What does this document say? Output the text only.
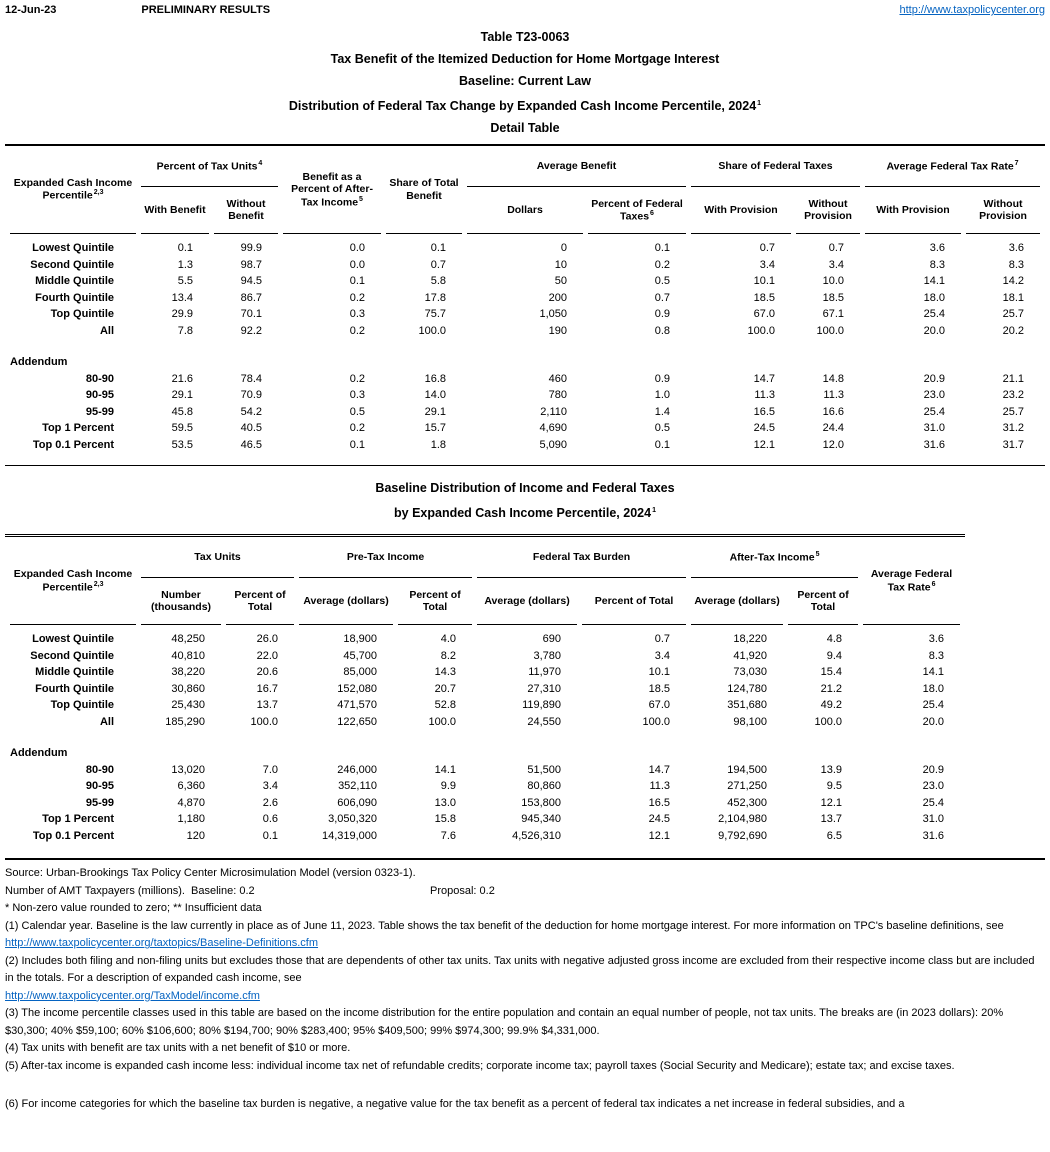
12-Jun-23	PRELIMINARY RESULTS	http://www.taxpolicycenter.org
Table T23-0063
Tax Benefit of the Itemized Deduction for Home Mortgage Interest
Baseline: Current Law
Distribution of Federal Tax Change by Expanded Cash Income Percentile, 2024$^1$
Detail Table
Expanded Cash Income Percentile$^{2,3}$	Percent of Tax Units$^4$		Benefit as a Percent of After-Tax Income$^5$	Share of Total Benefit	Average Benefit		Share of Federal Taxes		Average Federal Tax Rate$^7$
	With Benefit	Without Benefit			Dollars	Percent of Federal Taxes$^6$	With Provision	Without Provision	With Provision	Without Provision
Lowest Quintile	0.1	99.9	0.0	0.1	0	0.1	0.7	0.7	3.6	3.6
Second Quintile	1.3	98.7	0.0	0.7	10	0.2	3.4	3.4	8.3	8.3
Middle Quintile	5.5	94.5	0.1	5.8	50	0.5	10.1	10.0	14.1	14.2
Fourth Quintile	13.4	86.7	0.2	17.8	200	0.7	18.5	18.5	18.0	18.1
Top Quintile	29.9	70.1	0.3	75.7	1,050	0.9	67.0	67.1	25.4	25.7
All	7.8	92.2	0.2	100.0	190	0.8	100.0	100.0	20.0	20.2
Addendum										
80-90	21.6	78.4	0.2	16.8	460	0.9	14.7	14.8	20.9	21.1
90-95	29.1	70.9	0.3	14.0	780	1.0	11.3	11.3	23.0	23.2
95-99	45.8	54.2	0.5	29.1	2,110	1.4	16.5	16.6	25.4	25.7
Top 1 Percent	59.5	40.5	0.2	15.7	4,690	0.5	24.5	24.4	31.0	31.2
Top 0.1 Percent	53.5	46.5	0.1	1.8	5,090	0.1	12.1	12.0	31.6	31.7
Baseline Distribution of Income and Federal Taxes
by Expanded Cash Income Percentile, 2024$^1$
Expanded Cash Income Percentile$^{2,3}$	Tax Units		Pre-Tax Income		Federal Tax Burden		After-Tax Income$^5$		Average Federal Tax Rate$^6$
	Number (thousands)	Percent of Total	Average (dollars)	Percent of Total	Average (dollars)	Percent of Total	Average (dollars)	Percent of Total	
Lowest Quintile	48,250	26.0	18,900	4.0	690	0.7	18,220	4.8	3.6
Second Quintile	40,810	22.0	45,700	8.2	3,780	3.4	41,920	9.4	8.3
Middle Quintile	38,220	20.6	85,000	14.3	11,970	10.1	73,030	15.4	14.1
Fourth Quintile	30,860	16.7	152,080	20.7	27,310	18.5	124,780	21.2	18.0
Top Quintile	25,430	13.7	471,570	52.8	119,890	67.0	351,680	49.2	25.4
All	185,290	100.0	122,650	100.0	24,550	100.0	98,100	100.0	20.0
Addendum									
80-90	13,020	7.0	246,000	14.1	51,500	14.7	194,500	13.9	20.9
90-95	6,360	3.4	352,110	9.9	80,860	11.3	271,250	9.5	23.0
95-99	4,870	2.6	606,090	13.0	153,800	16.5	452,300	12.1	25.4
Top 1 Percent	1,180	0.6	3,050,320	15.8	945,340	24.5	2,104,980	13.7	31.0
Top 0.1 Percent	120	0.1	14,319,000	7.6	4,526,310	12.1	9,792,690	6.5	31.6
Source: Urban-Brookings Tax Policy Center Microsimulation Model (version 0323-1).
Number of AMT Taxpayers (millions).  Baseline: 0.2	Proposal: 0.2
* Non-zero value rounded to zero; ** Insufficient data
(1) Calendar year. Baseline is the law currently in place as of June 11, 2023. Table shows the tax benefit of the deduction for home mortgage interest. For more information on TPC's baseline definitions, see
http://www.taxpolicycenter.org/taxtopics/Baseline-Definitions.cfm
(2) Includes both filing and non-filing units but excludes those that are dependents of other tax units. Tax units with negative adjusted gross income are excluded from their respective income class but are included in the totals. For a description of expanded cash income, see
http://www.taxpolicycenter.org/TaxModel/income.cfm
(3) The income percentile classes used in this table are based on the income distribution for the entire population and contain an equal number of people, not tax units. The breaks are (in 2023 dollars): 20% $30,300; 40% $59,100; 60% $106,600; 80% $194,700; 90% $283,400; 95% $409,500; 99% $974,300; 99.9% $4,331,000.
(4) Tax units with benefit are tax units with a net benefit of $10 or more.
(5) After-tax income is expanded cash income less: individual income tax net of refundable credits; corporate income tax; payroll taxes (Social Security and Medicare); estate tax; and excise taxes.
(6) For income categories for which the baseline tax burden is negative, a negative value for the tax benefit as a percent of federal tax indicates a net increase in federal subsidies, and a
